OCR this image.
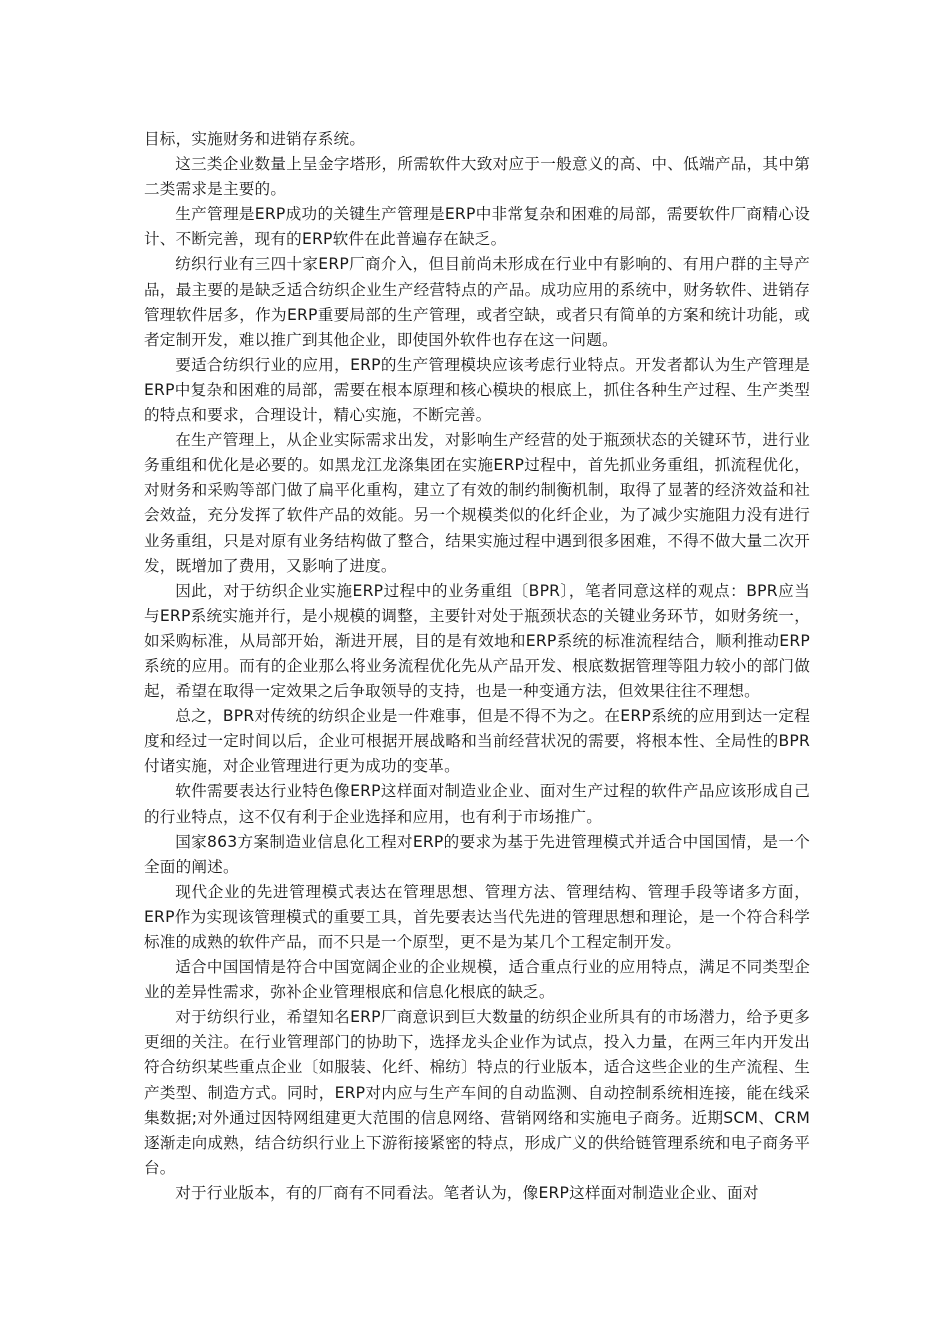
目标，实施财务和进销存系统。

这三类企业数量上呈金字塔形，所需软件大致对应于一般意义的高、中、低端产品，其中第二类需求是主要的。

生产管理是ERP成功的关键生产管理是ERP中非常复杂和困难的局部，需要软件厂商精心设计、不断完善，现有的ERP软件在此普遍存在缺乏。

纺织行业有三四十家ERP厂商介入，但目前尚未形成在行业中有影响的、有用户群的主导产品，最主要的是缺乏适合纺织企业生产经营特点的产品。成功应用的系统中，财务软件、进销存管理软件居多，作为ERP重要局部的生产管理，或者空缺，或者只有简单的方案和统计功能，或者定制开发，难以推广到其他企业，即使国外软件也存在这一问题。

要适合纺织行业的应用，ERP的生产管理模块应该考虑行业特点。开发者都认为生产管理是ERP中复杂和困难的局部，需要在根本原理和核心模块的根底上，抓住各种生产过程、生产类型的特点和要求，合理设计，精心实施，不断完善。

在生产管理上，从企业实际需求出发，对影响生产经营的处于瓶颈状态的关键环节，进行业务重组和优化是必要的。如黑龙江龙涤集团在实施ERP过程中，首先抓业务重组，抓流程优化，对财务和采购等部门做了扁平化重构，建立了有效的制约制衡机制，取得了显著的经济效益和社会效益，充分发挥了软件产品的效能。另一个规模类似的化纤企业，为了减少实施阻力没有进行业务重组，只是对原有业务结构做了整合，结果实施过程中遇到很多困难，不得不做大量二次开发，既增加了费用，又影响了进度。

因此，对于纺织企业实施ERP过程中的业务重组〔BPR〕，笔者同意这样的观点：BPR应当与ERP系统实施并行，是小规模的调整，主要针对处于瓶颈状态的关键业务环节，如财务统一，如采购标准，从局部开始，渐进开展，目的是有效地和ERP系统的标准流程结合，顺利推动ERP系统的应用。而有的企业那么将业务流程优化先从产品开发、根底数据管理等阻力较小的部门做起，希望在取得一定效果之后争取领导的支持，也是一种变通方法，但效果往往不理想。

总之，BPR对传统的纺织企业是一件难事，但是不得不为之。在ERP系统的应用到达一定程度和经过一定时间以后，企业可根据开展战略和当前经营状况的需要，将根本性、全局性的BPR付诸实施，对企业管理进行更为成功的变革。

软件需要表达行业特色像ERP这样面对制造业企业、面对生产过程的软件产品应该形成自己的行业特点，这不仅有利于企业选择和应用，也有利于市场推广。

国家863方案制造业信息化工程对ERP的要求为基于先进管理模式并适合中国国情，是一个全面的阐述。

现代企业的先进管理模式表达在管理思想、管理方法、管理结构、管理手段等诸多方面，ERP作为实现该管理模式的重要工具，首先要表达当代先进的管理思想和理论，是一个符合科学标准的成熟的软件产品，而不只是一个原型，更不是为某几个工程定制开发。

适合中国国情是符合中国宽阔企业的企业规模，适合重点行业的应用特点，满足不同类型企业的差异性需求，弥补企业管理根底和信息化根底的缺乏。

对于纺织行业，希望知名ERP厂商意识到巨大数量的纺织企业所具有的市场潜力，给予更多更细的关注。在行业管理部门的协助下，选择龙头企业作为试点，投入力量，在两三年内开发出符合纺织某些重点企业〔如服装、化纤、棉纺〕特点的行业版本，适合这些企业的生产流程、生产类型、制造方式。同时，ERP对内应与生产车间的自动监测、自动控制系统相连接，能在线采集数据;对外通过因特网组建更大范围的信息网络、营销网络和实施电子商务。近期SCM、CRM逐渐走向成熟，结合纺织行业上下游衔接紧密的特点，形成广义的供给链管理系统和电子商务平台。

对于行业版本，有的厂商有不同看法。笔者认为，像ERP这样面对制造业企业、面对
